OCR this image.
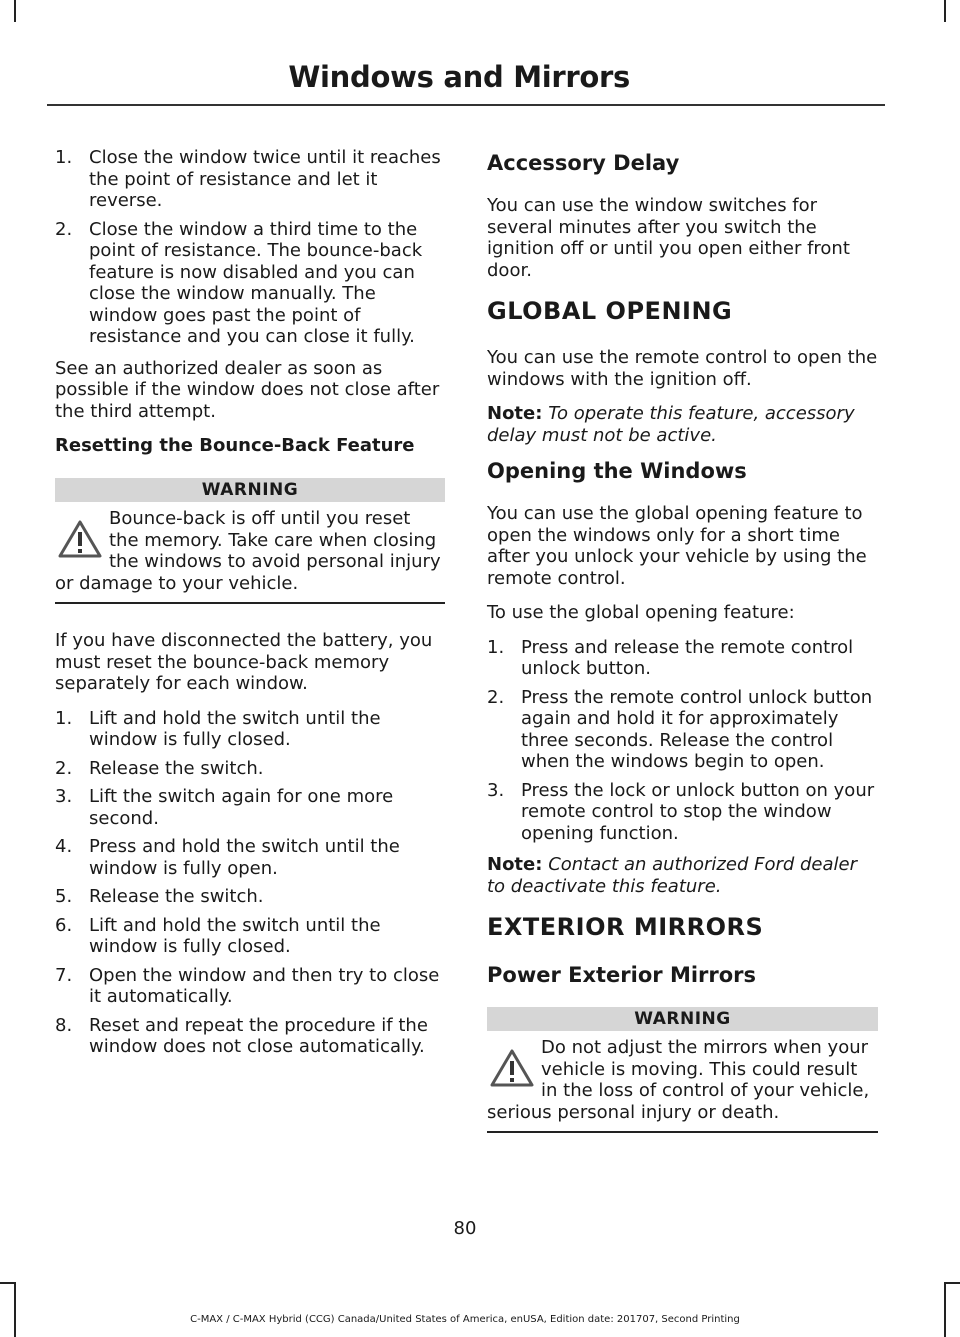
Windows and Mirrors
1. Close the window twice until it reaches the point of resistance and let it reverse.
2. Close the window a third time to the point of resistance. The bounce-back feature is now disabled and you can close the window manually. The window goes past the point of resistance and you can close it fully.

See an authorized dealer as soon as possible if the window does not close after the third attempt.

Resetting the Bounce-Back Feature
WARNING
Bounce-back is off until you reset the memory. Take care when closing the windows to avoid personal injury or damage to your vehicle.

If you have disconnected the battery, you must reset the bounce-back memory separately for each window.

1. Lift and hold the switch until the window is fully closed.
2. Release the switch.
3. Lift the switch again for one more second.
4. Press and hold the switch until the window is fully open.
5. Release the switch.
6. Lift and hold the switch until the window is fully closed.
7. Open the window and then try to close it automatically.
8. Reset and repeat the procedure if the window does not close automatically.
Accessory Delay

You can use the window switches for several minutes after you switch the ignition off or until you open either front door.

GLOBAL OPENING

You can use the remote control to open the windows with the ignition off.

Note: To operate this feature, accessory delay must not be active.

Opening the Windows

You can use the global opening feature to open the windows only for a short time after you unlock your vehicle by using the remote control.

To use the global opening feature:

1. Press and release the remote control unlock button.
2. Press the remote control unlock button again and hold it for approximately three seconds. Release the control when the windows begin to open.
3. Press the lock or unlock button on your remote control to stop the window opening function.

Note: Contact an authorized Ford dealer to deactivate this feature.

EXTERIOR MIRRORS
Power Exterior Mirrors
WARNING
Do not adjust the mirrors when your vehicle is moving. This could result in the loss of control of your vehicle, serious personal injury or death.
80
C-MAX / C-MAX Hybrid (CCG) Canada/United States of America, enUSA, Edition date: 201707, Second Printing
